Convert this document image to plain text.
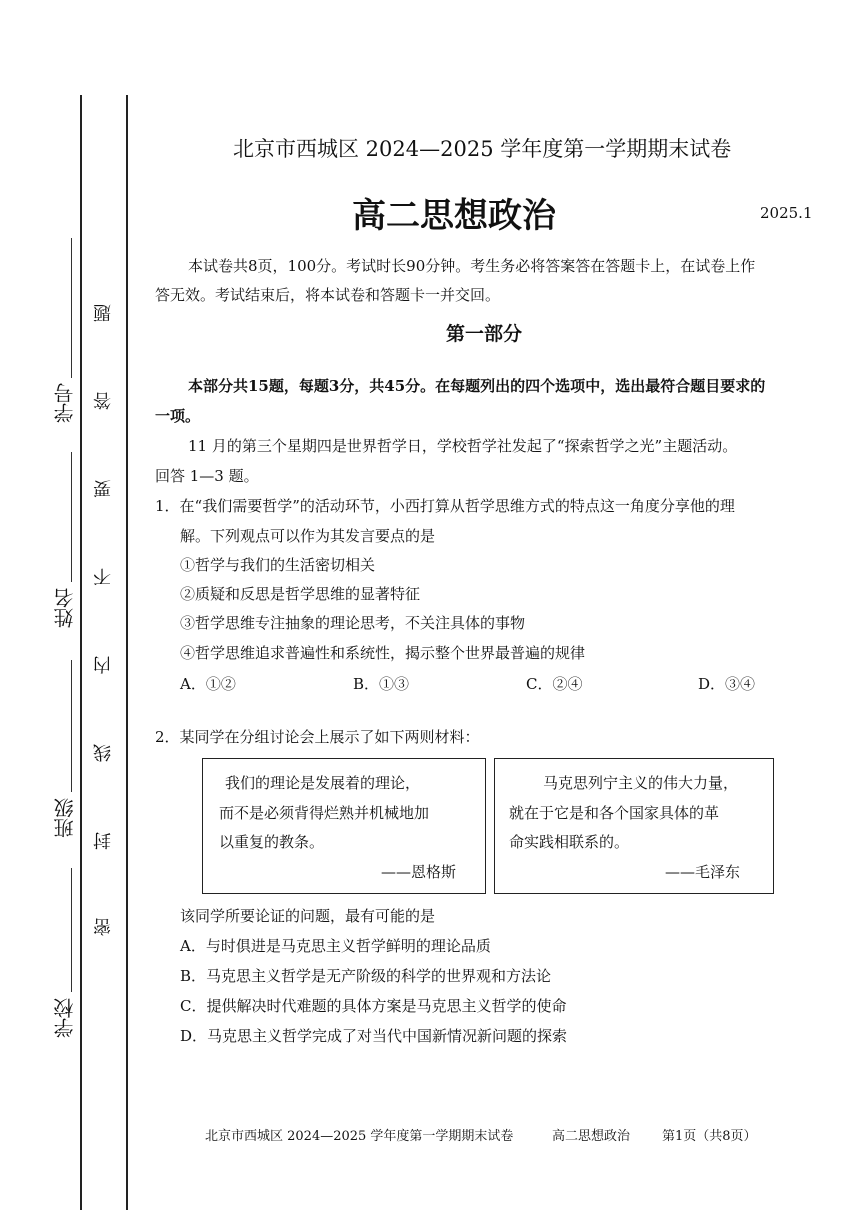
学号
姓名
班级
学校
题
答
要
不
内
线
封
密
北京市西城区 2024—2025 学年度第一学期期末试卷
高二思想政治	2025.1
本试卷共8页，100分。考试时长90分钟。考生务必将答案答在答题卡上，在试卷上作
答无效。考试结束后，将本试卷和答题卡一并交回。
第一部分
本部分共15题，每题3分，共45分。在每题列出的四个选项中，选出最符合题目要求的
一项。
11 月的第三个星期四是世界哲学日，学校哲学社发起了“探索哲学之光”主题活动。
回答 1—3 题。
1．在“我们需要哲学”的活动环节，小西打算从哲学思维方式的特点这一角度分享他的理
解。下列观点可以作为其发言要点的是
①哲学与我们的生活密切相关
②质疑和反思是哲学思维的显著特征
③哲学思维专注抽象的理论思考，不关注具体的事物
④哲学思维追求普遍性和系统性，揭示整个世界最普遍的规律
A．①②	B．①③	C．②④	D．③④
2．某同学在分组讨论会上展示了如下两则材料：
我们的理论是发展着的理论，
而不是必须背得烂熟并机械地加
以重复的教条。
——恩格斯
马克思列宁主义的伟大力量，
就在于它是和各个国家具体的革
命实践相联系的。
——毛泽东
该同学所要论证的问题，最有可能的是
A．与时俱进是马克思主义哲学鲜明的理论品质
B．马克思主义哲学是无产阶级的科学的世界观和方法论
C．提供解决时代难题的具体方案是马克思主义哲学的使命
D．马克思主义哲学完成了对当代中国新情况新问题的探索
北京市西城区 2024—2025 学年度第一学期期末试卷	高二思想政治 第1页（共8页）
